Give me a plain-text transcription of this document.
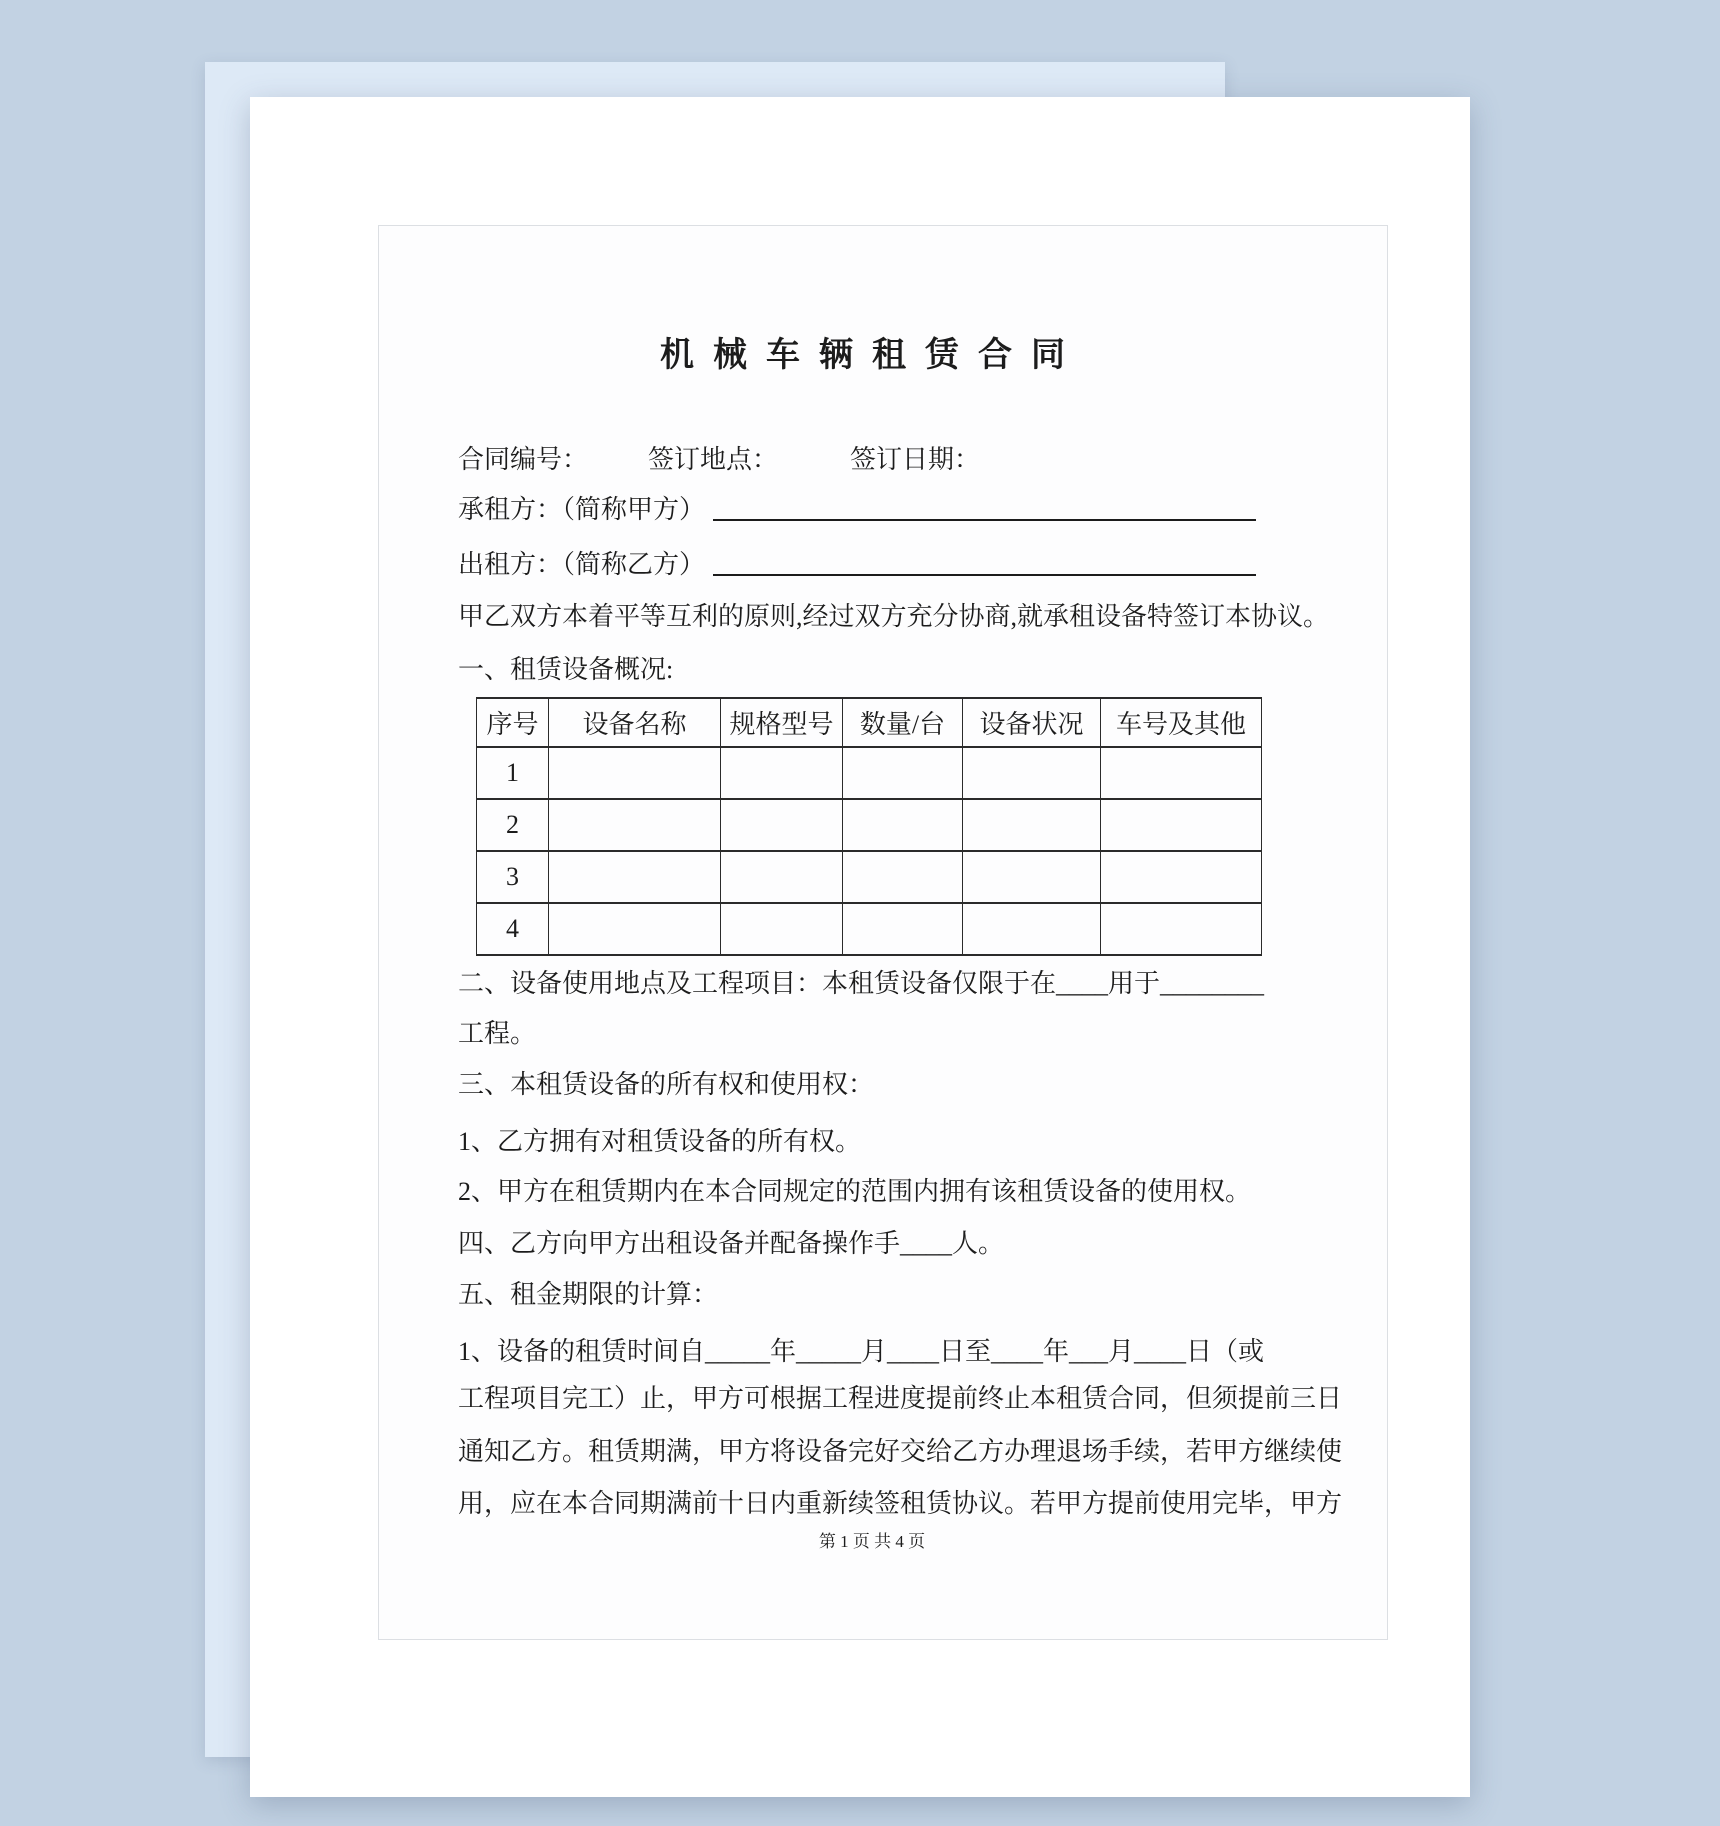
机械车辆租赁合同
合同编号： 签订地点：	签订日期：
承租方：（简称甲方）
出租方：（简称乙方）
甲乙双方本着平等互利的原则,经过双方充分协商,就承租设备特签订本协议。
一、租赁设备概况:
序号	设备名称	规格型号	数量/台	设备状况	车号及其他
1					
2					
3					
4					
二、设备使用地点及工程项目：本租赁设备仅限于在____用于________
工程。
三、本租赁设备的所有权和使用权：
1、乙方拥有对租赁设备的所有权。
2、甲方在租赁期内在本合同规定的范围内拥有该租赁设备的使用权。
四、乙方向甲方出租设备并配备操作手____人。
五、租金期限的计算：
1、设备的租赁时间自_____年_____月____日至____年___月____日（或
工程项目完工）止，甲方可根据工程进度提前终止本租赁合同，但须提前三日
通知乙方。租赁期满，甲方将设备完好交给乙方办理退场手续，若甲方继续使
用，应在本合同期满前十日内重新续签租赁协议。若甲方提前使用完毕，甲方
第 1 页 共 4 页
